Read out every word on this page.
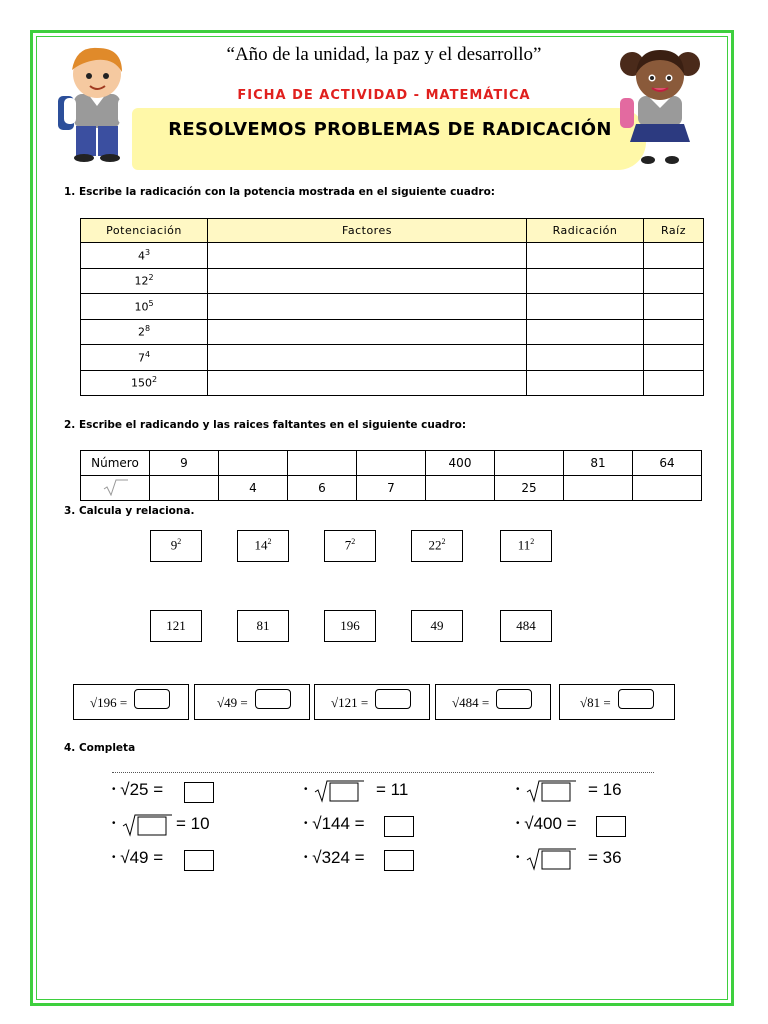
“Año de la unidad, la paz y el desarrollo”
FICHA DE ACTIVIDAD - MATEMÁTICA
RESOLVEMOS PROBLEMAS DE RADICACIÓN
1. Escribe la radicación con la potencia mostrada en el siguiente cuadro:
Potenciación	Factores	Radicación	Raíz
$4^3$			
$12^2$			
$10^5$			
$2^8$			
$7^4$			
$150^2$			
2. Escribe el radicando y las raices faltantes en el siguiente cuadro:
Número	9				400		81	64
		4	6	7		25		
3. Calcula y relaciona.
$9^2$	$14^2$	$7^2$	$22^2$	$11^2$
121	81	196	49	484
√196 =	√49 =	√121 =	√484 =	√81 =
4. Completa
• √25 =	•	= 11	•	= 16
•	= 10	• √144 =	• √400 =
• √49 =	• √324 =	•	= 36
